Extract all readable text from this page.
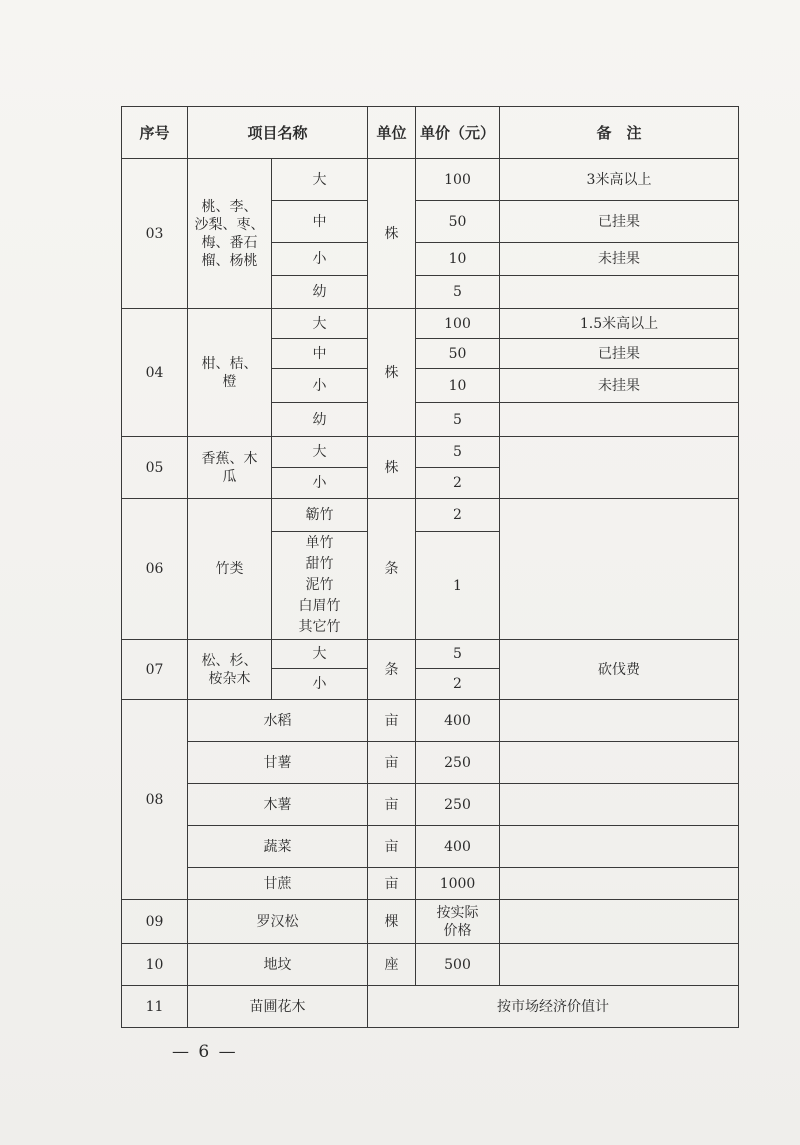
序号	项目名称		单位	单价（元）	备　注
03	桃、李、
沙梨、枣、
梅、番石
榴、杨桃	大	株	100	3米高以上
		中		50	已挂果
		小		10	未挂果
		幼		5	
04	柑、桔、
橙	大	株	100	1.5米高以上
		中		50	已挂果
		小		10	未挂果
		幼		5	
05	香蕉、木
瓜	大	株	5	
		小		2	
06	竹类	簕竹	条	2	

		单竹
甜竹
泥竹
白眉竹
其它竹		1	
07	松、杉、
桉杂木	大	条	5	砍伐费
		小		2	
08	水稻		亩	400	
	甘薯		亩	250	
	木薯		亩	250	
	蔬菜		亩	400	
	甘蔗		亩	1000	
09	罗汉松		棵	按实际
价格	

10	地坟		座	500	
11	苗圃花木		按市场经济价值计		
— 6 —
